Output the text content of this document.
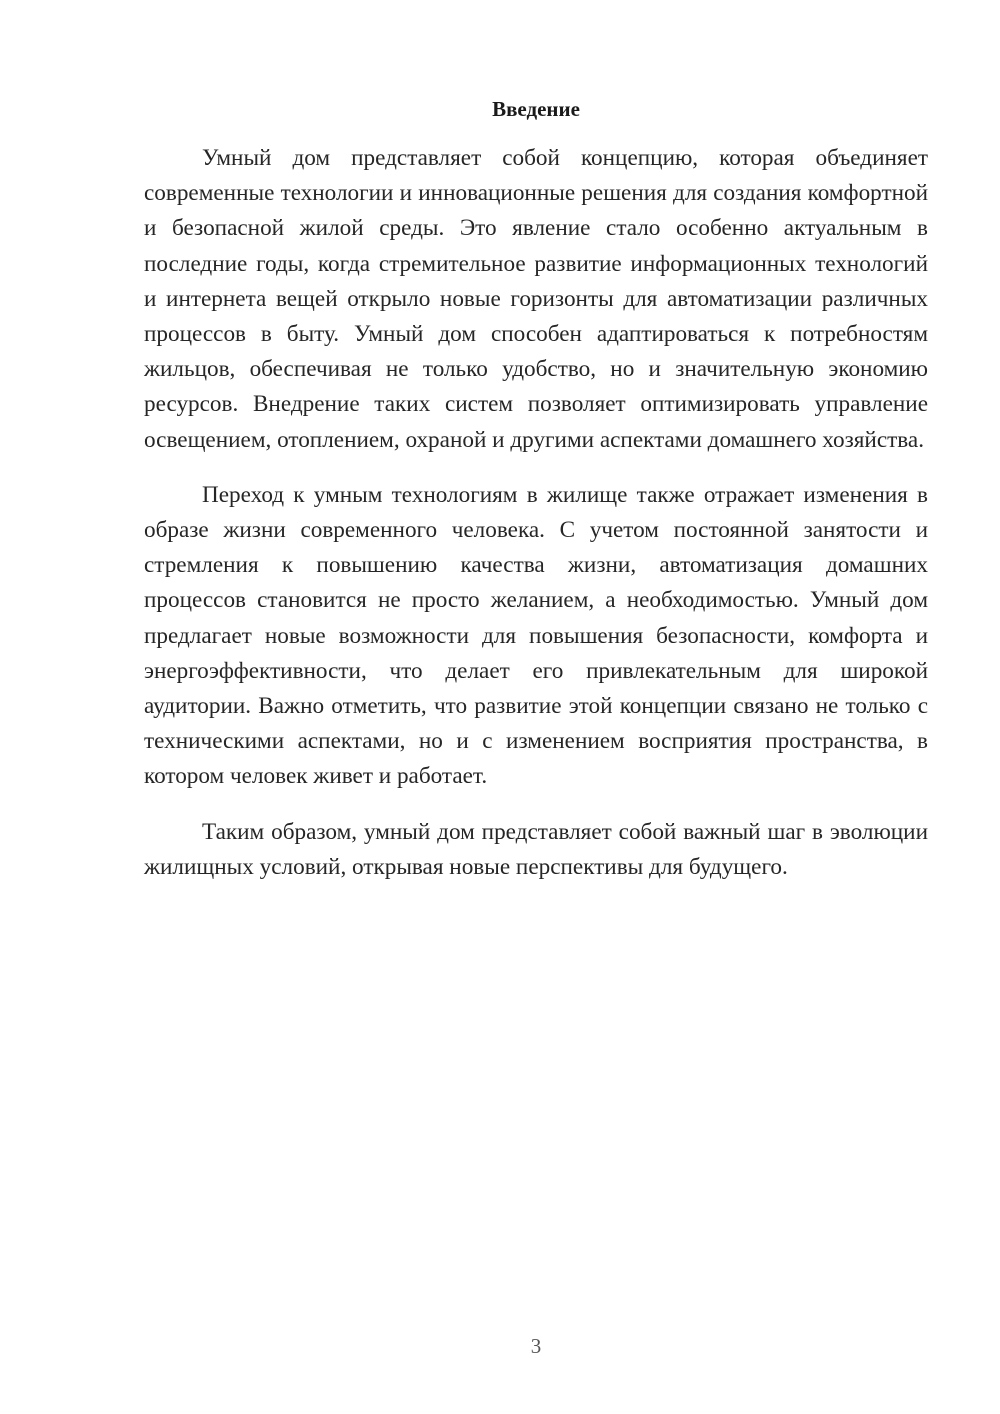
Введение

Умный дом представляет собой концепцию, которая объединяет современные технологии и инновационные решения для создания комфортной и безопасной жилой среды. Это явление стало особенно актуальным в последние годы, когда стремительное развитие информационных технологий и интернета вещей открыло новые горизонты для автоматизации различных процессов в быту. Умный дом способен адаптироваться к потребностям жильцов, обеспечивая не только удобство, но и значительную экономию ресурсов. Внедрение таких систем позволяет оптимизировать управление освещением, отоплением, охраной и другими аспектами домашнего хозяйства.

Переход к умным технологиям в жилище также отражает изменения в образе жизни современного человека. С учетом постоянной занятости и стремления к повышению качества жизни, автоматизация домашних процессов становится не просто желанием, а необходимостью. Умный дом предлагает новые возможности для повышения безопасности, комфорта и энергоэффективности, что делает его привлекательным для широкой аудитории. Важно отметить, что развитие этой концепции связано не только с техническими аспектами, но и с изменением восприятия пространства, в котором человек живет и работает.

Таким образом, умный дом представляет собой важный шаг в эволюции жилищных условий, открывая новые перспективы для будущего.

3
